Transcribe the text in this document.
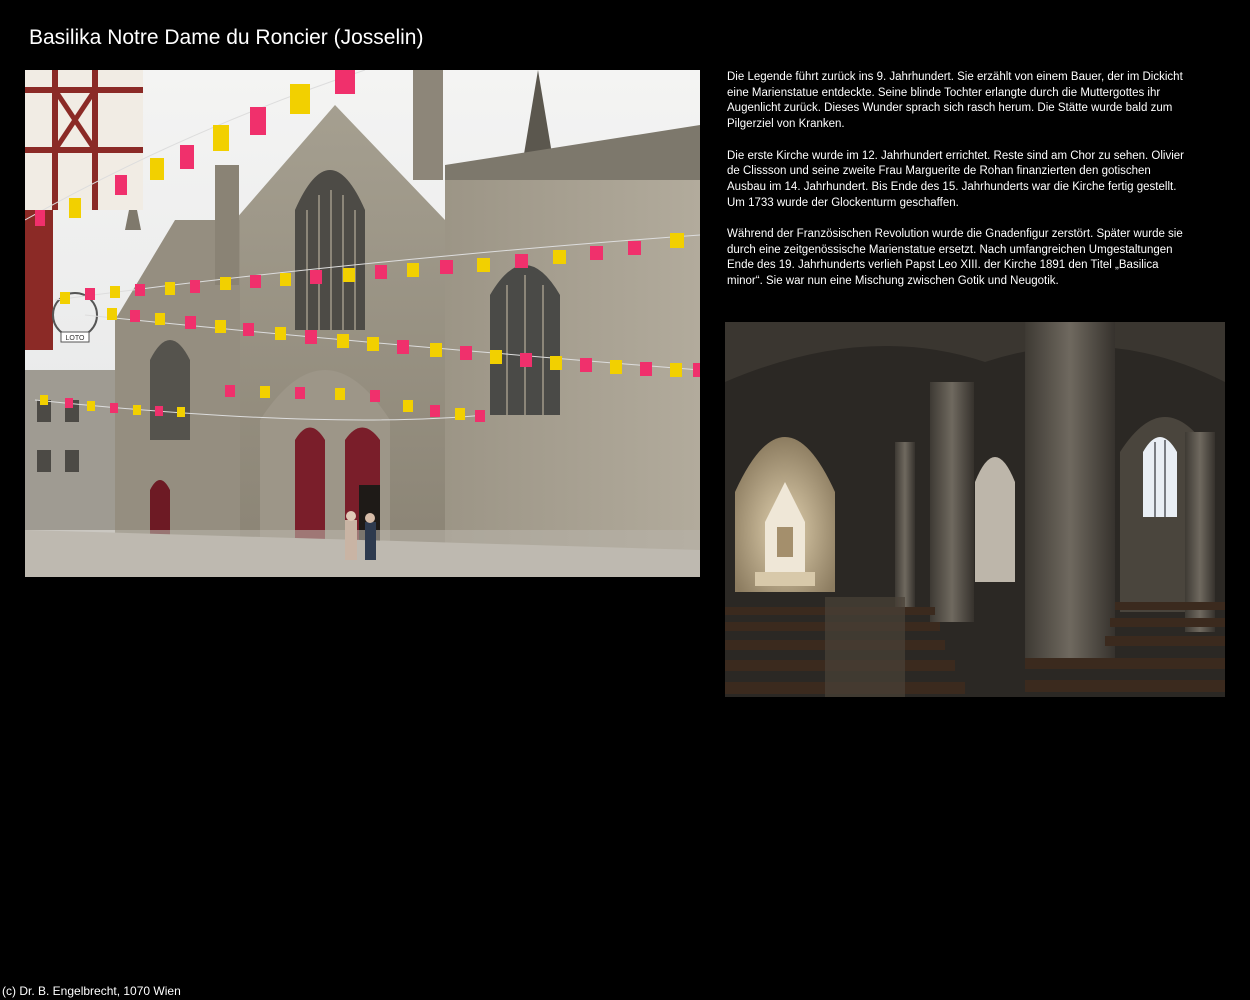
Basilika Notre Dame du Roncier (Josselin)
LOTO

Die Legende führt zurück ins 9. Jahrhundert. Sie erzählt von einem Bauer, der im Dickicht eine Marienstatue entdeckte. Seine blinde Tochter erlangte durch die Muttergottes ihr Augenlicht zurück. Dieses Wunder sprach sich rasch herum. Die Stätte wurde bald zum Pilgerziel von Kranken.

Die erste Kirche wurde im 12. Jahrhundert errichtet. Reste sind am Chor zu sehen. Olivier de Clissson und seine zweite Frau Marguerite de Rohan finanzierten den gotischen Ausbau im 14. Jahrhundert. Bis Ende des 15. Jahrhunderts war die Kirche fertig gestellt. Um 1733 wurde der Glockenturm geschaffen.

Während der Französischen Revolution wurde die Gnadenfigur zerstört. Später wurde sie durch eine zeitgenössische Marienstatue ersetzt. Nach umfangreichen Umgestaltungen Ende des 19. Jahrhunderts verlieh Papst Leo XIII. der Kirche 1891 den Titel „Basilica minor“. Sie war nun eine Mischung zwischen Gotik und Neugotik.

(c) Dr. B. Engelbrecht, 1070 Wien
